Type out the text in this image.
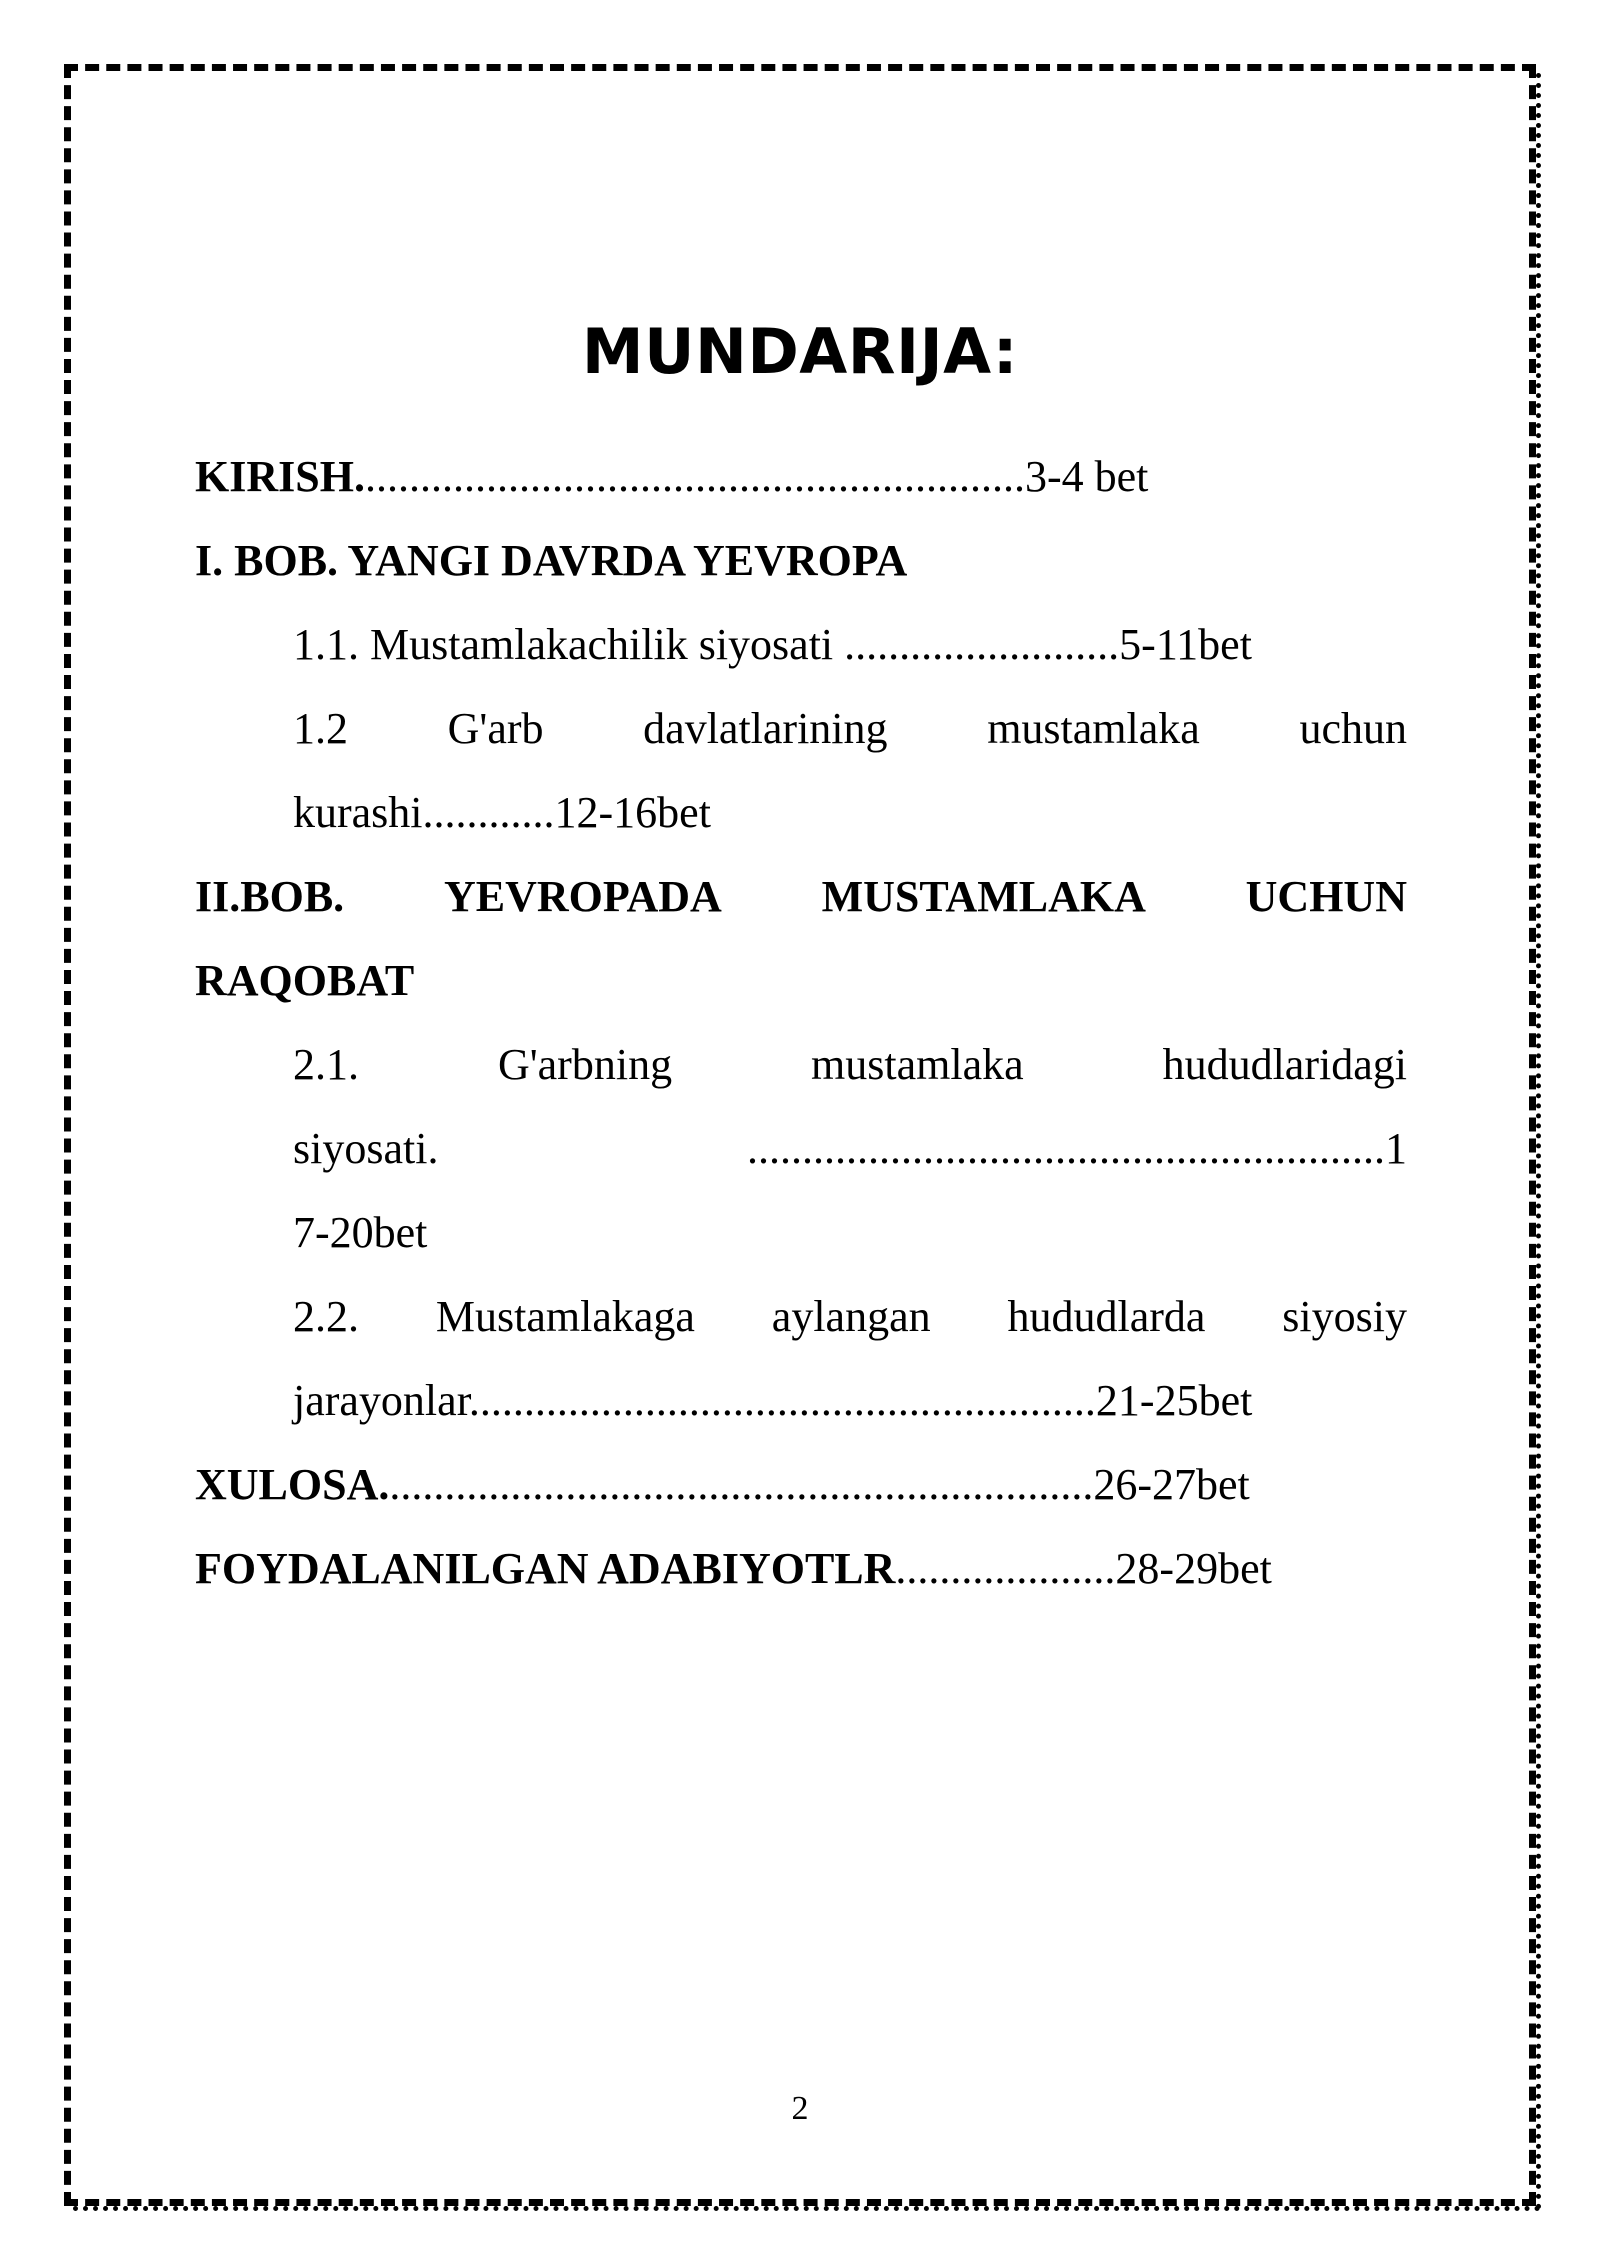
MUNDARIJA:
KIRISH.............................................................3-4 bet
I. BOB. YANGI DAVRDA YEVROPA
1.1. Mustamlakachilik siyosati .........................5-11bet
1.2 G'arb davlatlarining mustamlaka uchun
kurashi............12-16bet
II.BOB. YEVROPADA MUSTAMLAKA UCHUN
RAQOBAT
2.1.	G'arbning	mustamlaka	hududlaridagi
siyosati.	..........................................................1
7-20bet
2.2. Mustamlakaga aylangan hududlarda siyosiy
jarayonlar.........................................................21-25bet
XULOSA.................................................................26-27bet
FOYDALANILGAN ADABIYOTLR....................28-29bet
2
